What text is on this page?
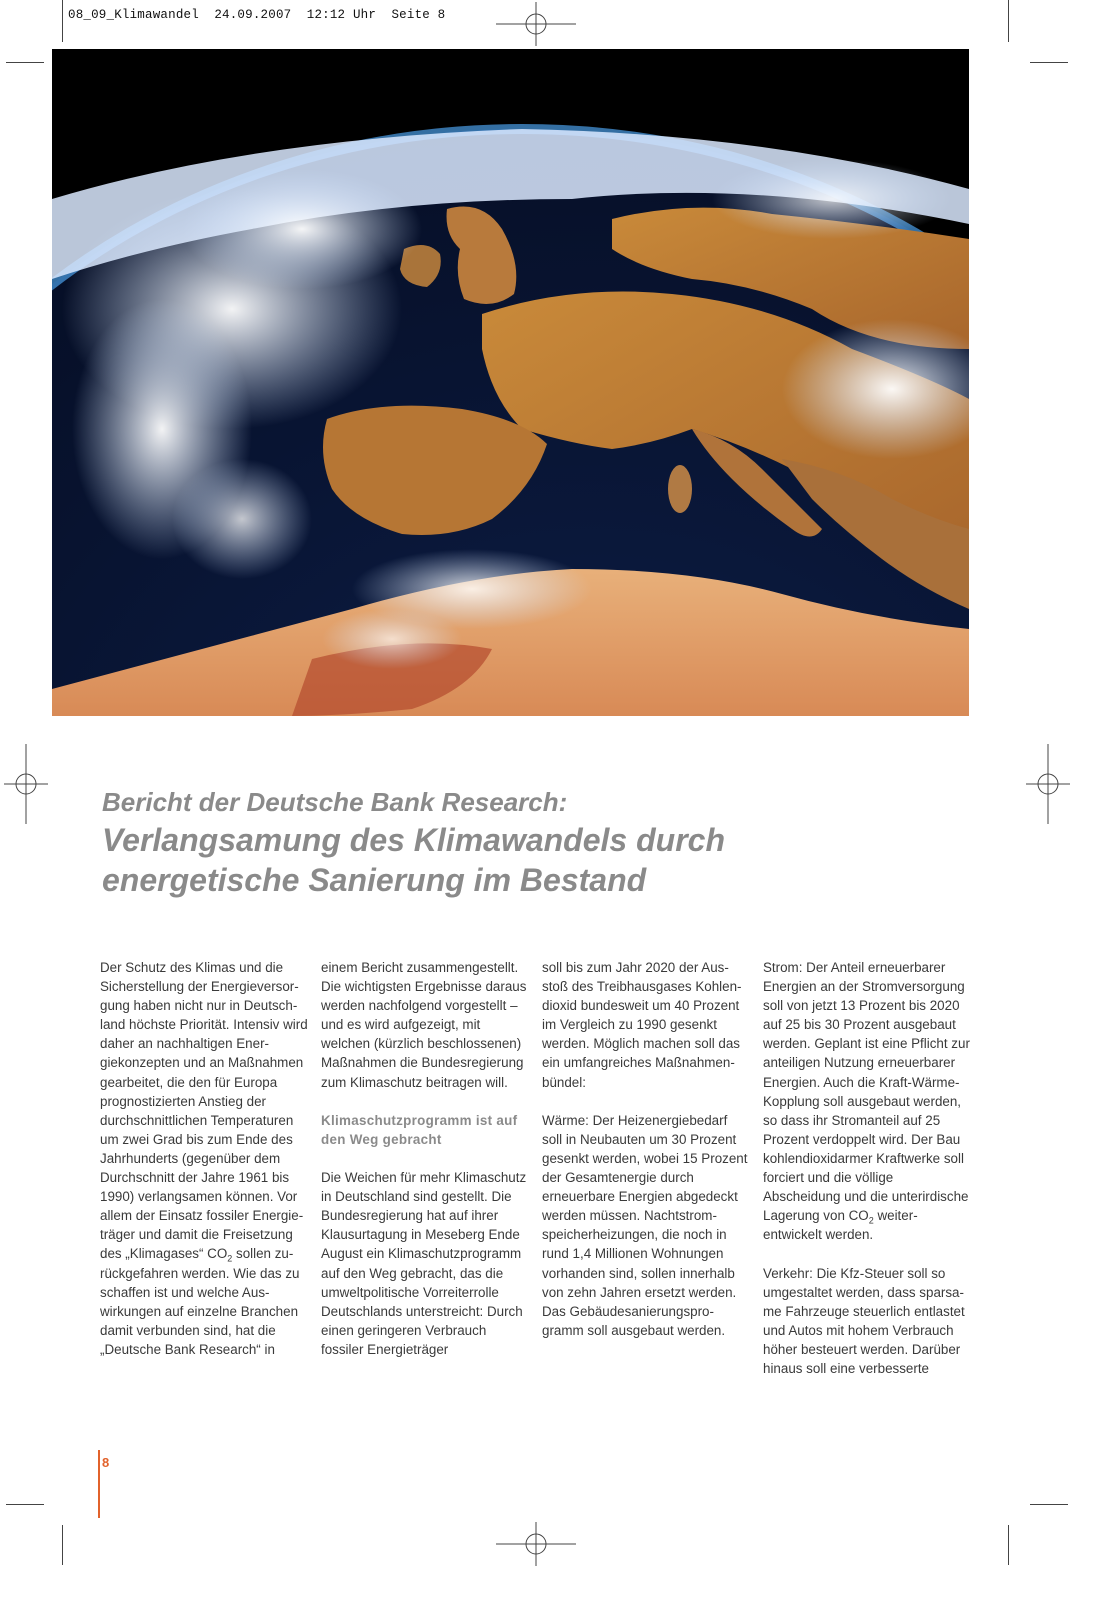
08_09_Klimawandel 24.09.2007 12:12 Uhr Seite 8
Bericht der Deutsche Bank Research:
Verlangsamung des Klimawandels durch
energetische Sanierung im Bestand

Der Schutz des Klimas und die Sicherstellung der Energieversorgung haben nicht nur in Deutschland höchste Priorität. Intensiv wird daher an nachhaltigen Energiekonzepten und an Maßnahmen gearbeitet, die den für Europa prognostizierten Anstieg der durchschnittlichen Temperaturen um zwei Grad bis zum Ende des Jahrhunderts (gegenüber dem Durchschnitt der Jahre 1961 bis 1990) verlangsamen können. Vor allem der Einsatz fossiler Energieträger und damit die Freisetzung des „Klimagases“ $CO_2$ sollen zurückgefahren werden. Wie das zu schaffen ist und welche Auswirkungen auf einzelne Branchen damit verbunden sind, hat die „Deutsche Bank Research“ in

einem Bericht zusammengestellt. Die wichtigsten Ergebnisse daraus werden nachfolgend vorgestellt – und es wird aufgezeigt, mit welchen (kürzlich beschlossenen) Maßnahmen die Bundesregierung zum Klimaschutz beitragen will.

Klimaschutzprogramm ist auf den Weg gebracht

Die Weichen für mehr Klimaschutz in Deutschland sind gestellt. Die Bundesregierung hat auf ihrer Klausurtagung in Meseberg Ende August ein Klimaschutzprogramm auf den Weg gebracht, das die umweltpolitische Vorreiterrolle Deutschlands unterstreicht: Durch einen geringeren Verbrauch fossiler Energieträger

soll bis zum Jahr 2020 der Ausstoß des Treibhausgases Kohlendioxid bundesweit um 40 Prozent im Vergleich zu 1990 gesenkt werden. Möglich machen soll das ein umfangreiches Maßnahmenbündel:

Wärme: Der Heizenergiebedarf soll in Neubauten um 30 Prozent gesenkt werden, wobei 15 Prozent der Gesamtenergie durch erneuerbare Energien abgedeckt werden müssen. Nachtstromspeicherheizungen, die noch in rund 1,4 Millionen Wohnungen vorhanden sind, sollen innerhalb von zehn Jahren ersetzt werden. Das Gebäudesanierungsprogramm soll ausgebaut werden.

Strom: Der Anteil erneuerbarer Energien an der Stromversorgung soll von jetzt 13 Prozent bis 2020 auf 25 bis 30 Prozent ausgebaut werden. Geplant ist eine Pflicht zur anteiligen Nutzung erneuerbarer Energien. Auch die Kraft-Wärme-Kopplung soll ausgebaut werden, so dass ihr Stromanteil auf 25 Prozent verdoppelt wird. Der Bau kohlendioxidarmer Kraftwerke soll forciert und die völlige Abscheidung und die unterirdische Lagerung von $CO_2$ weiterentwickelt werden.

Verkehr: Die Kfz-Steuer soll so umgestaltet werden, dass sparsame Fahrzeuge steuerlich entlastet und Autos mit hohem Verbrauch höher besteuert werden. Darüber hinaus soll eine verbesserte

8
